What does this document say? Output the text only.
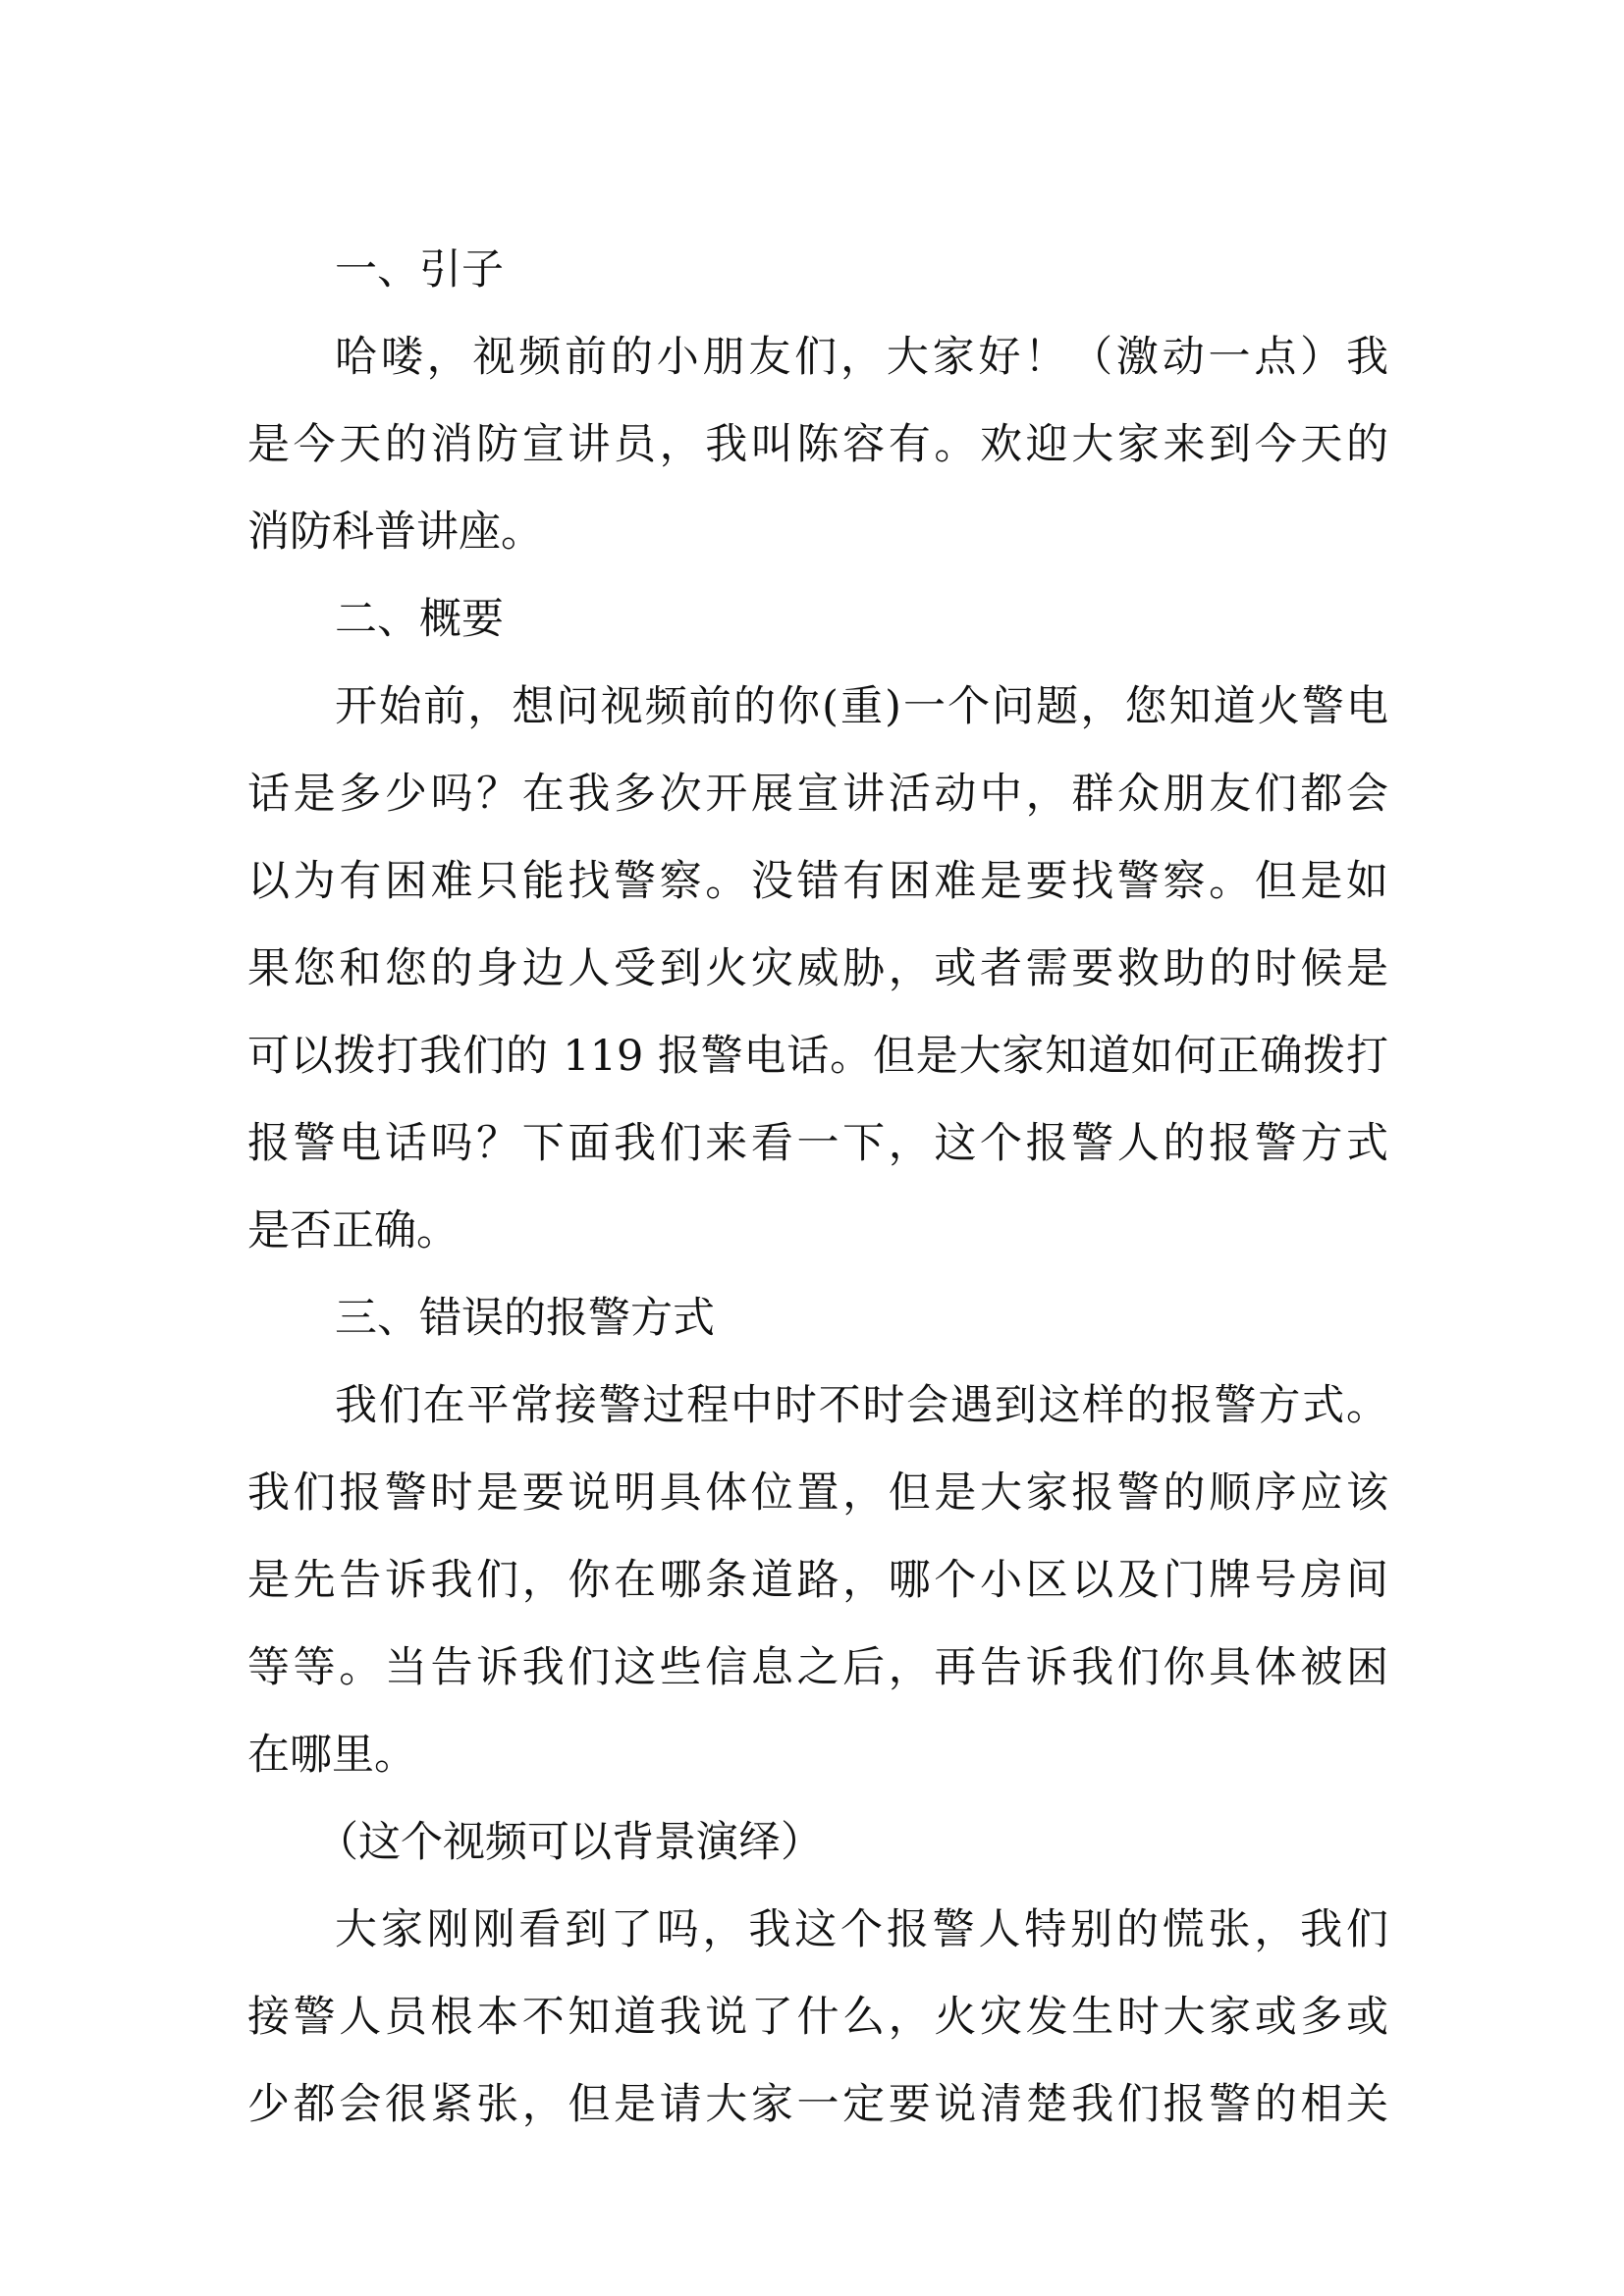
一、引子
哈喽，视频前的小朋友们，大家好！（激动一点）我
是今天的消防宣讲员，我叫陈容有。欢迎大家来到今天的
消防科普讲座。
二、概要
开始前，想问视频前的你(重)一个问题，您知道火警电
话是多少吗？在我多次开展宣讲活动中，群众朋友们都会
以为有困难只能找警察。没错有困难是要找警察。但是如
果您和您的身边人受到火灾威胁，或者需要救助的时候是
可以拨打我们的 119 报警电话。但是大家知道如何正确拨打
报警电话吗？下面我们来看一下，这个报警人的报警方式
是否正确。
三、错误的报警方式
我们在平常接警过程中时不时会遇到这样的报警方式。
我们报警时是要说明具体位置，但是大家报警的顺序应该
是先告诉我们，你在哪条道路，哪个小区以及门牌号房间
等等。当告诉我们这些信息之后，再告诉我们你具体被困
在哪里。
（这个视频可以背景演绎）
大家刚刚看到了吗，我这个报警人特别的慌张，我们
接警人员根本不知道我说了什么，火灾发生时大家或多或
少都会很紧张，但是请大家一定要说清楚我们报警的相关
